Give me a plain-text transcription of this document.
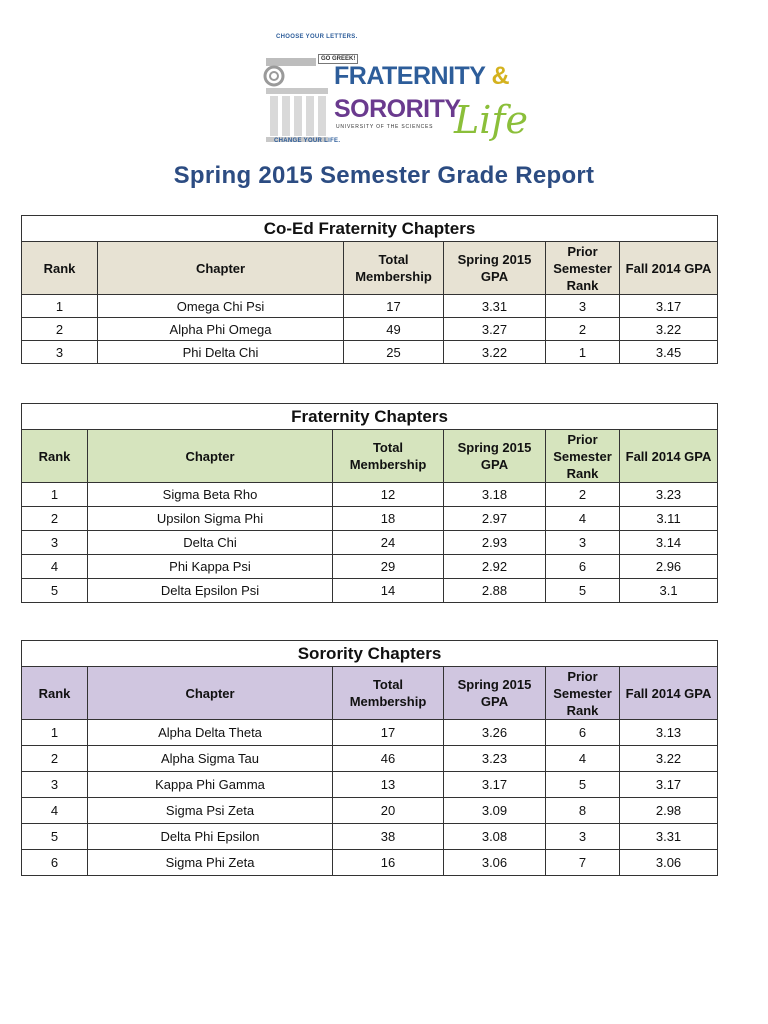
CHOOSE YOUR LETTERS.
GO GREEK!
FRATERNITY &
SORORITY
Life
UNIVERSITY OF THE SCIENCES
CHANGE YOUR LIFE.
Spring 2015 Semester Grade Report
Co-Ed Fraternity Chapters					
Rank	Chapter	Total Membership	Spring 2015 GPA	Prior Semester Rank	Fall 2014 GPA
1	Omega Chi Psi	17	3.31	3	3.17
2	Alpha Phi Omega	49	3.27	2	3.22
3	Phi Delta Chi	25	3.22	1	3.45
Fraternity Chapters					
Rank	Chapter	Total Membership	Spring 2015 GPA	Prior Semester Rank	Fall 2014 GPA
1	Sigma Beta Rho	12	3.18	2	3.23
2	Upsilon Sigma Phi	18	2.97	4	3.11
3	Delta Chi	24	2.93	3	3.14
4	Phi Kappa Psi	29	2.92	6	2.96
5	Delta Epsilon Psi	14	2.88	5	3.1
Sorority Chapters					
Rank	Chapter	Total Membership	Spring 2015 GPA	Prior Semester Rank	Fall 2014 GPA
1	Alpha Delta Theta	17	3.26	6	3.13
2	Alpha Sigma Tau	46	3.23	4	3.22
3	Kappa Phi Gamma	13	3.17	5	3.17
4	Sigma Psi Zeta	20	3.09	8	2.98
5	Delta Phi Epsilon	38	3.08	3	3.31
6	Sigma Phi Zeta	16	3.06	7	3.06
